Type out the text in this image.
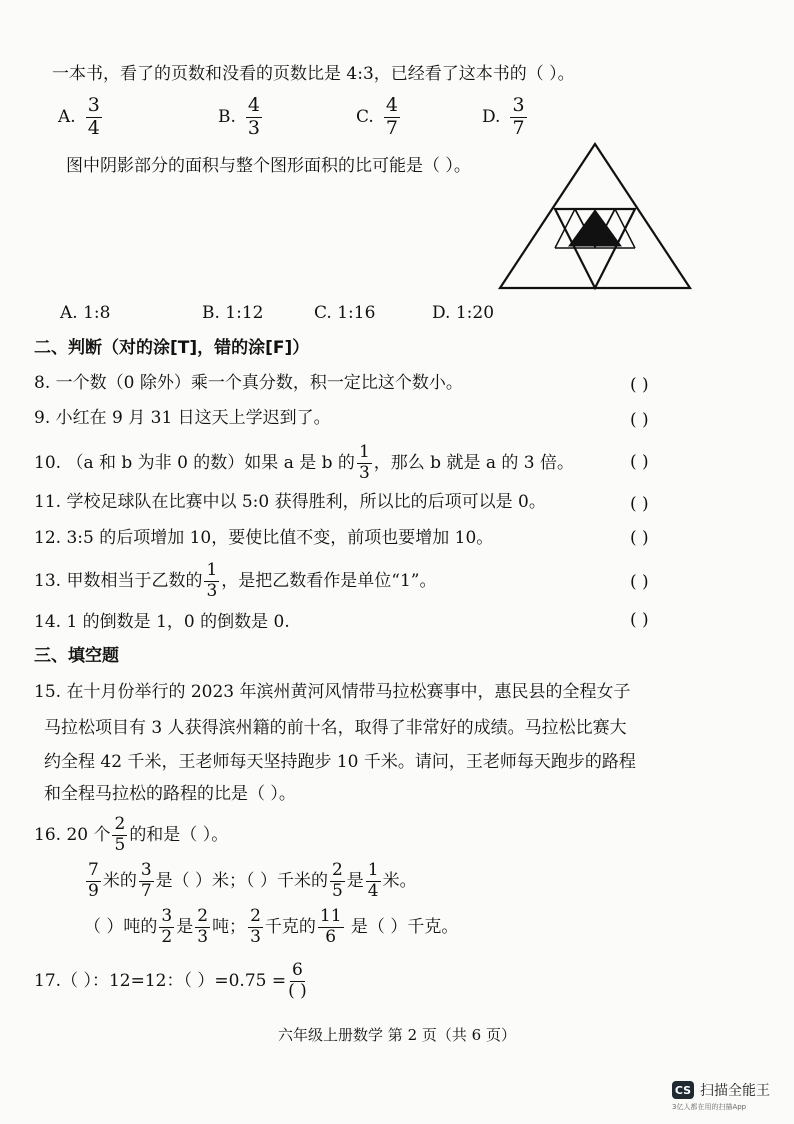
一本书，看了的页数和没看的页数比是 4:3，已经看了这本书的（ ）。
A. $\frac{3}{4}$	B. $\frac{4}{3}$	C. $\frac{4}{7}$	D. $\frac{3}{7}$
图中阴影部分的面积与整个图形面积的比可能是（ ）。
A. 1:8	B. 1:12	C. 1:16	D. 1:20
二、判断（对的涂[T]，错的涂[F]）
8. 一个数（0 除外）乘一个真分数，积一定比这个数小。	( )
9. 小红在 9 月 31 日这天上学迟到了。	( )
10. （a 和 b 为非 0 的数）如果 a 是 b 的 $\frac{1}{3}$ ，那么 b 就是 a 的 3 倍。	( )
11. 学校足球队在比赛中以 5:0 获得胜利，所以比的后项可以是 0。	( )
12. 3:5 的后项增加 10，要使比值不变，前项也要增加 10。	( )
13. 甲数相当于乙数的 $\frac{1}{3}$ ，是把乙数看作是单位“1”。	( )
14. 1 的倒数是 1，0 的倒数是 0.	( )
三、填空题
15. 在十月份举行的 2023 年滨州黄河风情带马拉松赛事中，惠民县的全程女子
马拉松项目有 3 人获得滨州籍的前十名，取得了非常好的成绩。马拉松比赛大
约全程 42 千米，王老师每天坚持跑步 10 千米。请问，王老师每天跑步的路程
和全程马拉松的路程的比是（ ）。
16. 20 个 $\frac{2}{5}$ 的和是（ ）。
$\frac{7}{9}$ 米的 $\frac{3}{7}$ 是（ ）米；（ ）千米的 $\frac{2}{5}$ 是 $\frac{1}{4}$ 米。
（ ）吨的 $\frac{3}{2}$ 是 $\frac{2}{3}$ 吨； $\frac{2}{3}$ 千克的 $\frac{11}{6}$ 是（ ）千克。
17.（ ）：12=12：（ ）$=0.75 = \frac{6}{( )}$
六年级上册数学 第 2 页（共 6 页）
CS 扫描全能王
3亿人都在用的扫描App
